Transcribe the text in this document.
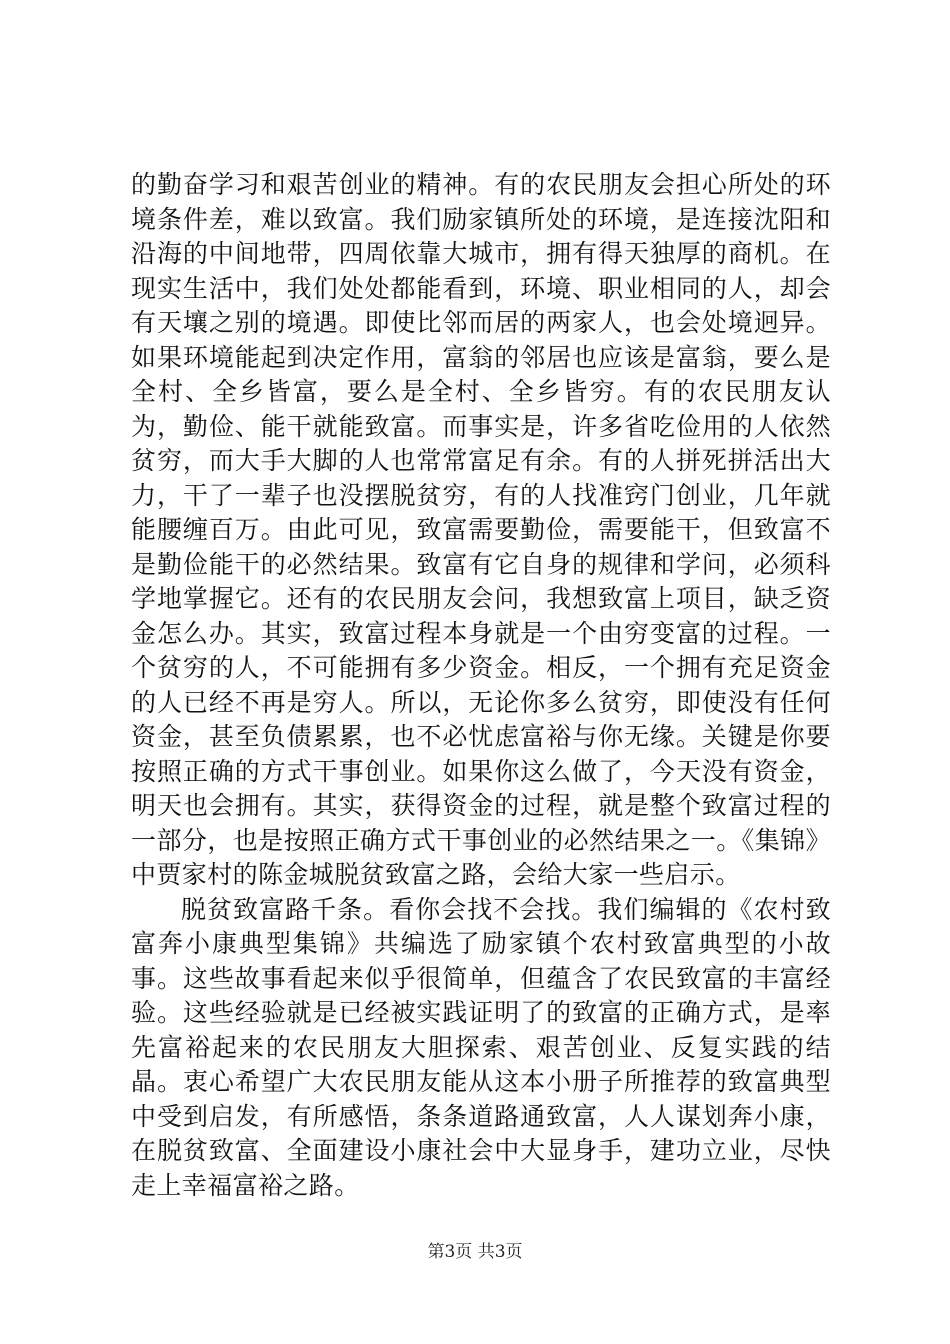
的勤奋学习和艰苦创业的精神。有的农民朋友会担心所处的环境条件差，难以致富。我们励家镇所处的环境，是连接沈阳和沿海的中间地带，四周依靠大城市，拥有得天独厚的商机。在现实生活中，我们处处都能看到，环境、职业相同的人，却会有天壤之别的境遇。即使比邻而居的两家人，也会处境迥异。如果环境能起到决定作用，富翁的邻居也应该是富翁，要么是全村、全乡皆富，要么是全村、全乡皆穷。有的农民朋友认为，勤俭、能干就能致富。而事实是，许多省吃俭用的人依然贫穷，而大手大脚的人也常常富足有余。有的人拼死拼活出大力，干了一辈子也没摆脱贫穷，有的人找准窍门创业，几年就能腰缠百万。由此可见，致富需要勤俭，需要能干，但致富不是勤俭能干的必然结果。致富有它自身的规律和学问，必须科学地掌握它。还有的农民朋友会问，我想致富上项目，缺乏资金怎么办。其实，致富过程本身就是一个由穷变富的过程。一个贫穷的人，不可能拥有多少资金。相反，一个拥有充足资金的人已经不再是穷人。所以，无论你多么贫穷，即使没有任何资金，甚至负债累累，也不必忧虑富裕与你无缘。关键是你要按照正确的方式干事创业。如果你这么做了，今天没有资金，明天也会拥有。其实，获得资金的过程，就是整个致富过程的一部分，也是按照正确方式干事创业的必然结果之一。《集锦》中贾家村的陈金城脱贫致富之路，会给大家一些启示。

脱贫致富路千条。看你会找不会找。我们编辑的《农村致富奔小康典型集锦》共编选了励家镇个农村致富典型的小故事。这些故事看起来似乎很简单，但蕴含了农民致富的丰富经验。这些经验就是已经被实践证明了的致富的正确方式，是率先富裕起来的农民朋友大胆探索、艰苦创业、反复实践的结晶。衷心希望广大农民朋友能从这本小册子所推荐的致富典型中受到启发，有所感悟，条条道路通致富，人人谋划奔小康，在脱贫致富、全面建设小康社会中大显身手，建功立业，尽快走上幸福富裕之路。

第3页 共3页
